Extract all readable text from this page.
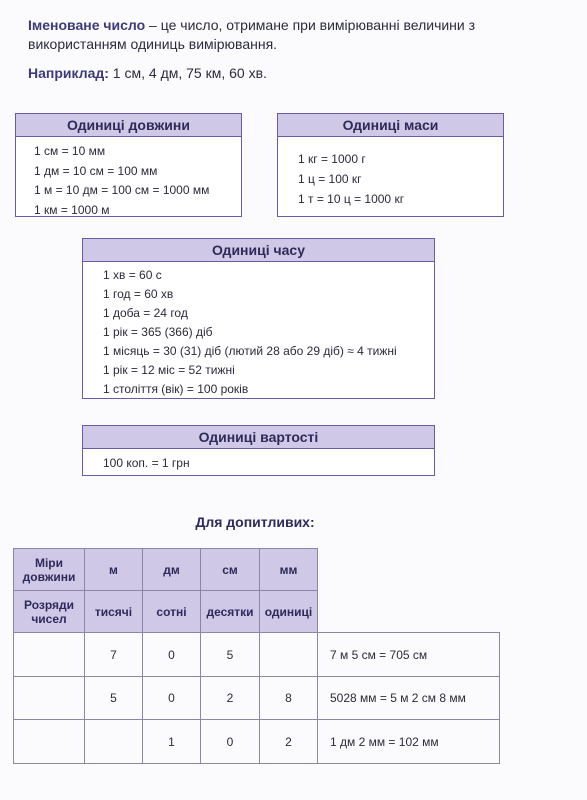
Іменоване число – це число, отримане при вимірюванні величини з використанням одиниць вимірювання.
Наприклад: 1 см, 4 дм, 75 км, 60 хв.
Одиниці довжини
1 см = 10 мм
1 дм = 10 см = 100 мм
1 м = 10 дм = 100 см = 1000 мм
1 км = 1000 м
Одиниці маси
1 кг = 1000 г
1 ц = 100 кг
1 т = 10 ц = 1000 кг
Одиниці часу
1 хв = 60 с
1 год = 60 хв
1 доба = 24 год
1 рік = 365 (366) діб
1 місяць = 30 (31) діб (лютий 28 або 29 діб) ≈ 4 тижні
1 рік = 12 міс = 52 тижні
1 століття (вік) = 100 років
Одиниці вартості
100 коп. = 1 грн
Для допитливих:
Міри довжини	м	дм	см	мм	
Розряди чисел	тисячі	сотні	десятки	одиниці	
	7	0	5		7 м 5 см = 705 см
	5	0	2	8	5028 мм = 5 м 2 см 8 мм
		1	0	2	1 дм 2 мм = 102 мм
